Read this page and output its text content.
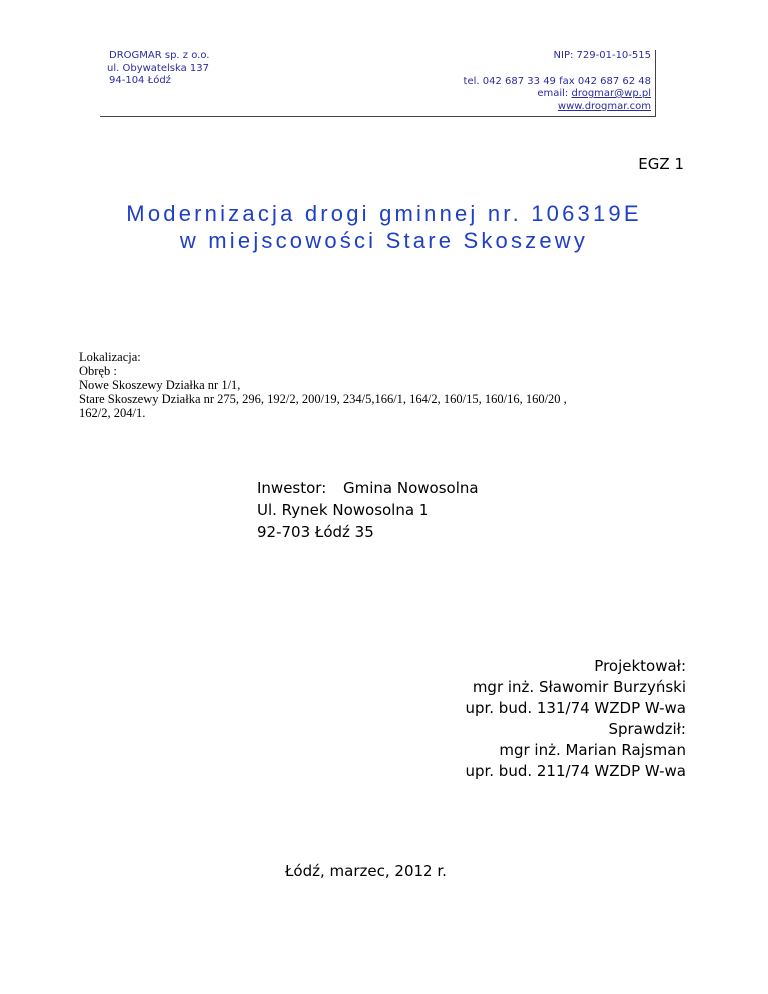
DROGMAR sp. z o.o.
ul. Obywatelska 137
94-104 Łódź
NIP: 729-01-10-515
tel. 042 687 33 49 fax 042 687 62 48
email: drogmar@wp.pl
www.drogmar.com
EGZ 1
Modernizacja drogi gminnej nr. 106319E
w miejscowości Stare Skoszewy
Lokalizacja:
Obręb :
Nowe Skoszewy Działka nr 1/1,
Stare Skoszewy Działka nr 275, 296, 192/2, 200/19, 234/5,166/1, 164/2, 160/15, 160/16, 160/20 ,
162/2, 204/1.
Inwestor: Gmina Nowosolna
Ul. Rynek Nowosolna 1
92-703 Łódź 35
Projektował:
mgr inż. Sławomir Burzyński
upr. bud. 131/74 WZDP W-wa
Sprawdził:
mgr inż. Marian Rajsman
upr. bud. 211/74 WZDP W-wa
Łódź, marzec, 2012 r.
